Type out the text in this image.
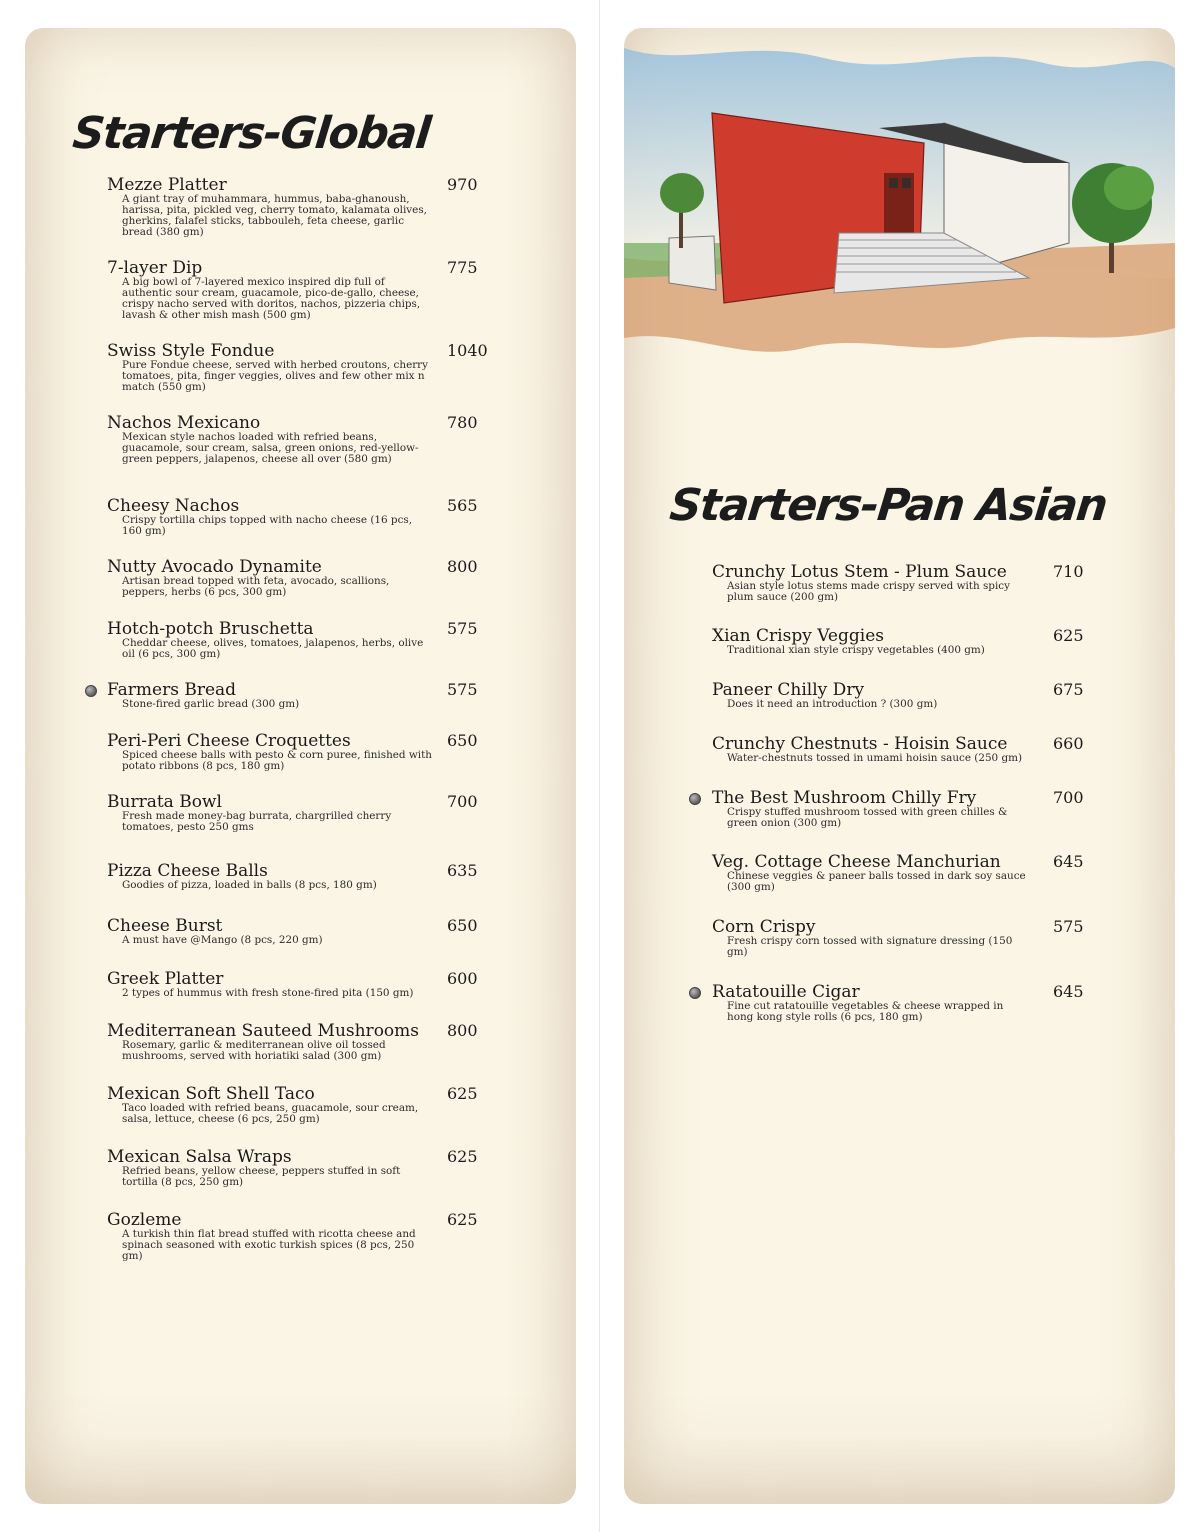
Starters-Global
Mezze Platter
A giant tray of muhammara, hummus, baba-ghanoush, harissa, pita, pickled veg, cherry tomato, kalamata olives, gherkins, falafel sticks, tabbouleh, feta cheese, garlic bread (380 gm)
970
7-layer Dip
A big bowl of 7-layered mexico inspired dip full of authentic sour cream, guacamole, pico-de-gallo, cheese, crispy nacho served with doritos, nachos, pizzeria chips, lavash & other mish mash (500 gm)
775
Swiss Style Fondue
Pure Fondue cheese, served with herbed croutons, cherry tomatoes, pita, finger veggies, olives and few other mix n match (550 gm)
1040
Nachos Mexicano
Mexican style nachos loaded with refried beans, guacamole, sour cream, salsa, green onions, red-yellow-green peppers, jalapenos, cheese all over (580 gm)
780
Cheesy Nachos
Crispy tortilla chips topped with nacho cheese (16 pcs, 160 gm)
565
Nutty Avocado Dynamite
Artisan bread topped with feta, avocado, scallions, peppers, herbs (6 pcs, 300 gm)
800
Hotch-potch Bruschetta
Cheddar cheese, olives, tomatoes, jalapenos, herbs, olive oil (6 pcs, 300 gm)
575
Farmers Bread
Stone-fired garlic bread (300 gm)
575
Peri-Peri Cheese Croquettes
Spiced cheese balls with pesto & corn puree, finished with potato ribbons (8 pcs, 180 gm)
650
Burrata Bowl
Fresh made money-bag burrata, chargrilled cherry tomatoes, pesto 250 gms
700
Pizza Cheese Balls
Goodies of pizza, loaded in balls (8 pcs, 180 gm)
635
Cheese Burst
A must have @Mango (8 pcs, 220 gm)
650
Greek Platter
2 types of hummus with fresh stone-fired pita (150 gm)
600
Mediterranean Sauteed Mushrooms
Rosemary, garlic & mediterranean olive oil tossed mushrooms, served with horiatiki salad (300 gm)
800
Mexican Soft Shell Taco
Taco loaded with refried beans, guacamole, sour cream, salsa, lettuce, cheese (6 pcs, 250 gm)
625
Mexican Salsa Wraps
Refried beans, yellow cheese, peppers stuffed in soft tortilla (8 pcs, 250 gm)
625
Gozleme
A turkish thin flat bread stuffed with ricotta cheese and spinach seasoned with exotic turkish spices (8 pcs, 250 gm)
625
Starters-Pan Asian
Crunchy Lotus Stem - Plum Sauce
Asian style lotus stems made crispy served with spicy plum sauce (200 gm)
710
Xian Crispy Veggies
Traditional xian style crispy vegetables (400 gm)
625
Paneer Chilly Dry
Does it need an introduction ? (300 gm)
675
Crunchy Chestnuts - Hoisin Sauce
Water-chestnuts tossed in umami hoisin sauce (250 gm)
660
The Best Mushroom Chilly Fry
Crispy stuffed mushroom tossed with green chilles & green onion (300 gm)
700
Veg. Cottage Cheese Manchurian
Chinese veggies & paneer balls tossed in dark soy sauce (300 gm)
645
Corn Crispy
Fresh crispy corn tossed with signature dressing (150 gm)
575
Ratatouille Cigar
Fine cut ratatouille vegetables & cheese wrapped in hong kong style rolls (6 pcs, 180 gm)
645
